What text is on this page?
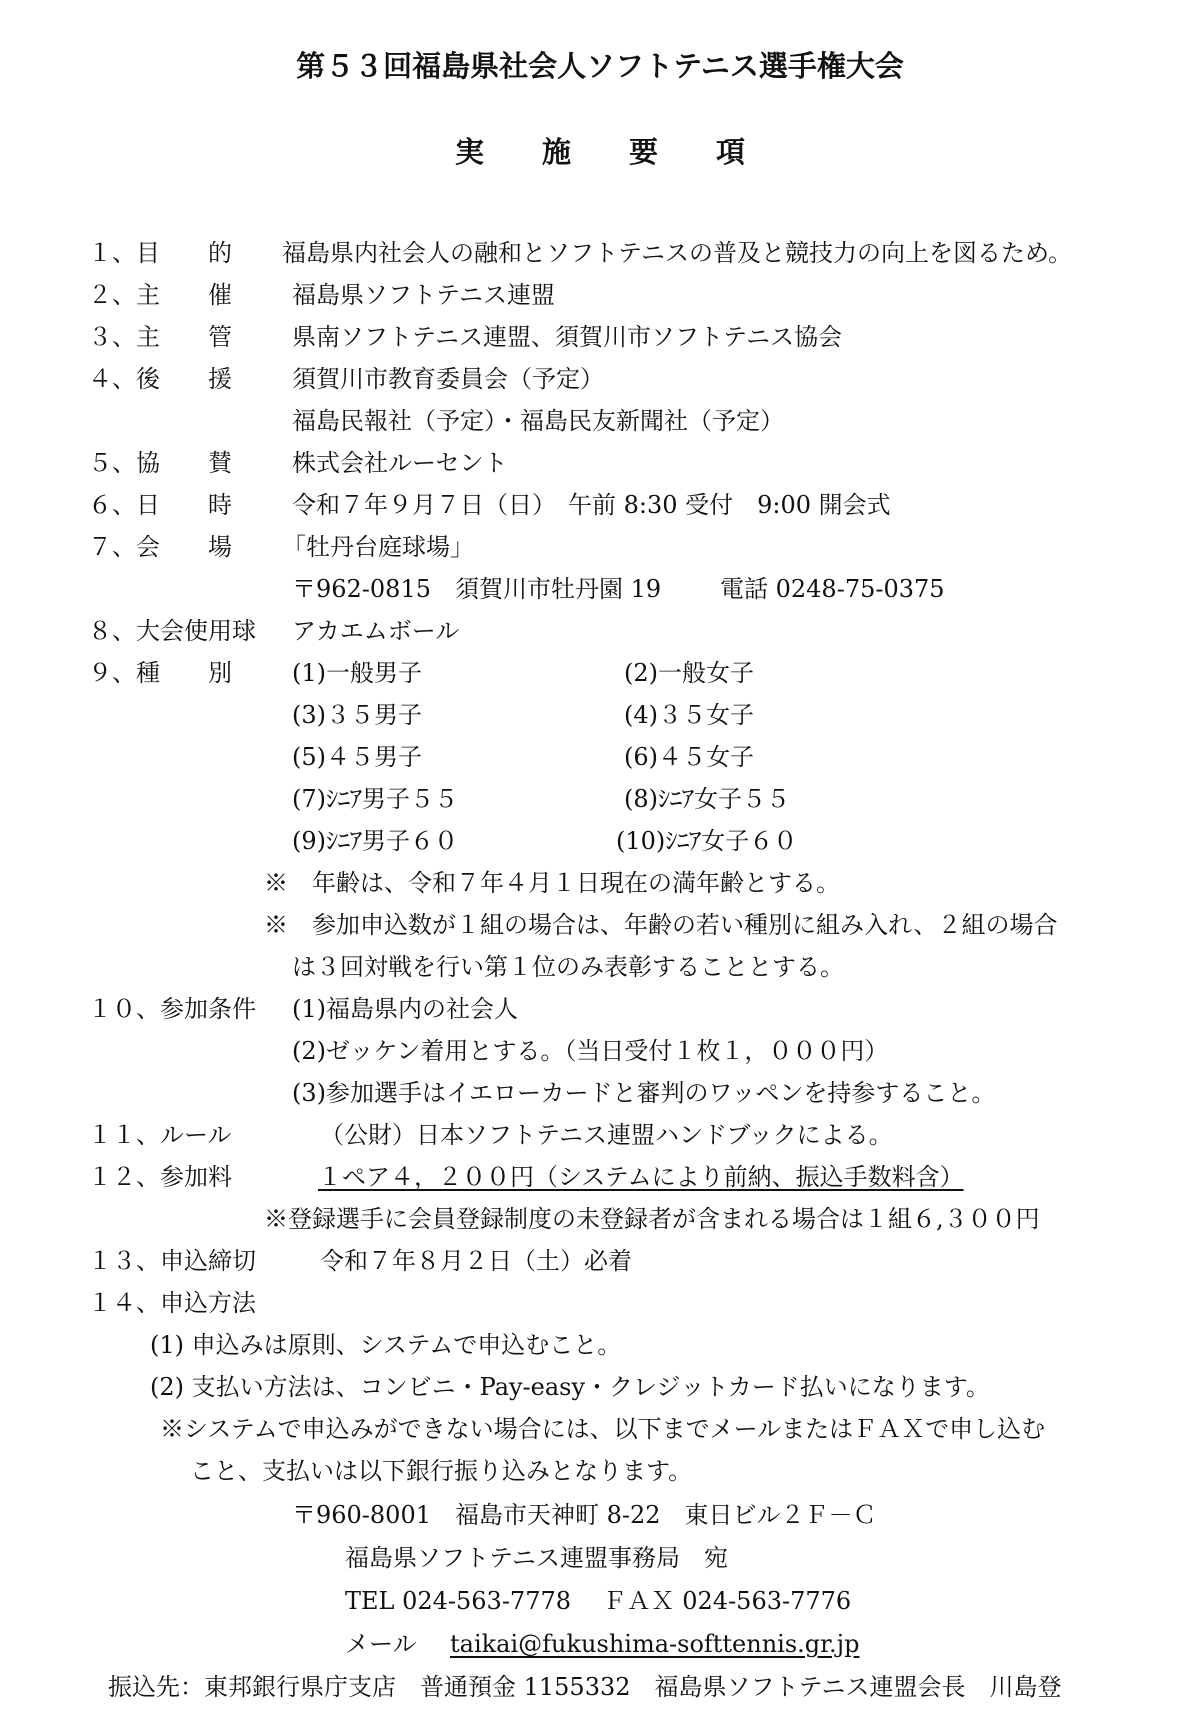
第５３回福島県社会人ソフトテニス選手権大会
実施要項
１、目　　的 福島県内社会人の融和とソフトテニスの普及と競技力の向上を図るため。
２、主　　催	福島県ソフトテニス連盟
３、主　　管	県南ソフトテニス連盟、須賀川市ソフトテニス協会
４、後　　援	須賀川市教育委員会（予定）
福島民報社（予定）・福島民友新聞社（予定）
５、協　　賛	株式会社ルーセント
６、日　　時	令和７年９月７日（日）　午前 8:30 受付　9:00 開会式
７、会　　場 「牡丹台庭球場」
〒962-0815　須賀川市牡丹園 19 電話 0248-75-0375
８、大会使用球 アカエムボール
９、種　　別	(1)一般男子	(2)一般女子
(3)３５男子	(4)３５女子
(5)４５男子	(6)４５女子
(7)ｼﾆｱ男子５５	(8)ｼﾆｱ女子５５
(9)ｼﾆｱ男子６０	(10)ｼﾆｱ女子６０
※　年齢は、令和７年４月１日現在の満年齢とする。
※　参加申込数が１組の場合は、年齢の若い種別に組み入れ、２組の場合
は３回対戦を行い第１位のみ表彰することとする。
１０、参加条件 (1)福島県内の社会人
(2)ゼッケン着用とする。（当日受付１枚１，０００円）
(3)参加選手はイエローカードと審判のワッペンを持参すること。
１１、ルール	（公財）日本ソフトテニス連盟ハンドブックによる。
１２、参加料	１ペア４，２００円（システムにより前納、振込手数料含）
※登録選手に会員登録制度の未登録者が含まれる場合は１組６,３００円
１３、申込締切	令和７年８月２日（土）必着
１４、申込方法
(1) 申込みは原則、システムで申込むこと。
(2) 支払い方法は、コンビニ・Pay-easy・クレジットカード払いになります。
※システムで申込みができない場合には、以下までメールまたはＦＡＸで申し込む
こと、支払いは以下銀行振り込みとなります。
〒960-8001　福島市天神町 8-22　東日ビル２Ｆ－Ｃ
福島県ソフトテニス連盟事務局　宛
TEL 024-563-7778　 ＦＡＸ 024-563-7776
メール taikai@fukushima-softtennis.gr.jp
振込先：東邦銀行県庁支店　普通預金 1155332　福島県ソフトテニス連盟会長　川島登
